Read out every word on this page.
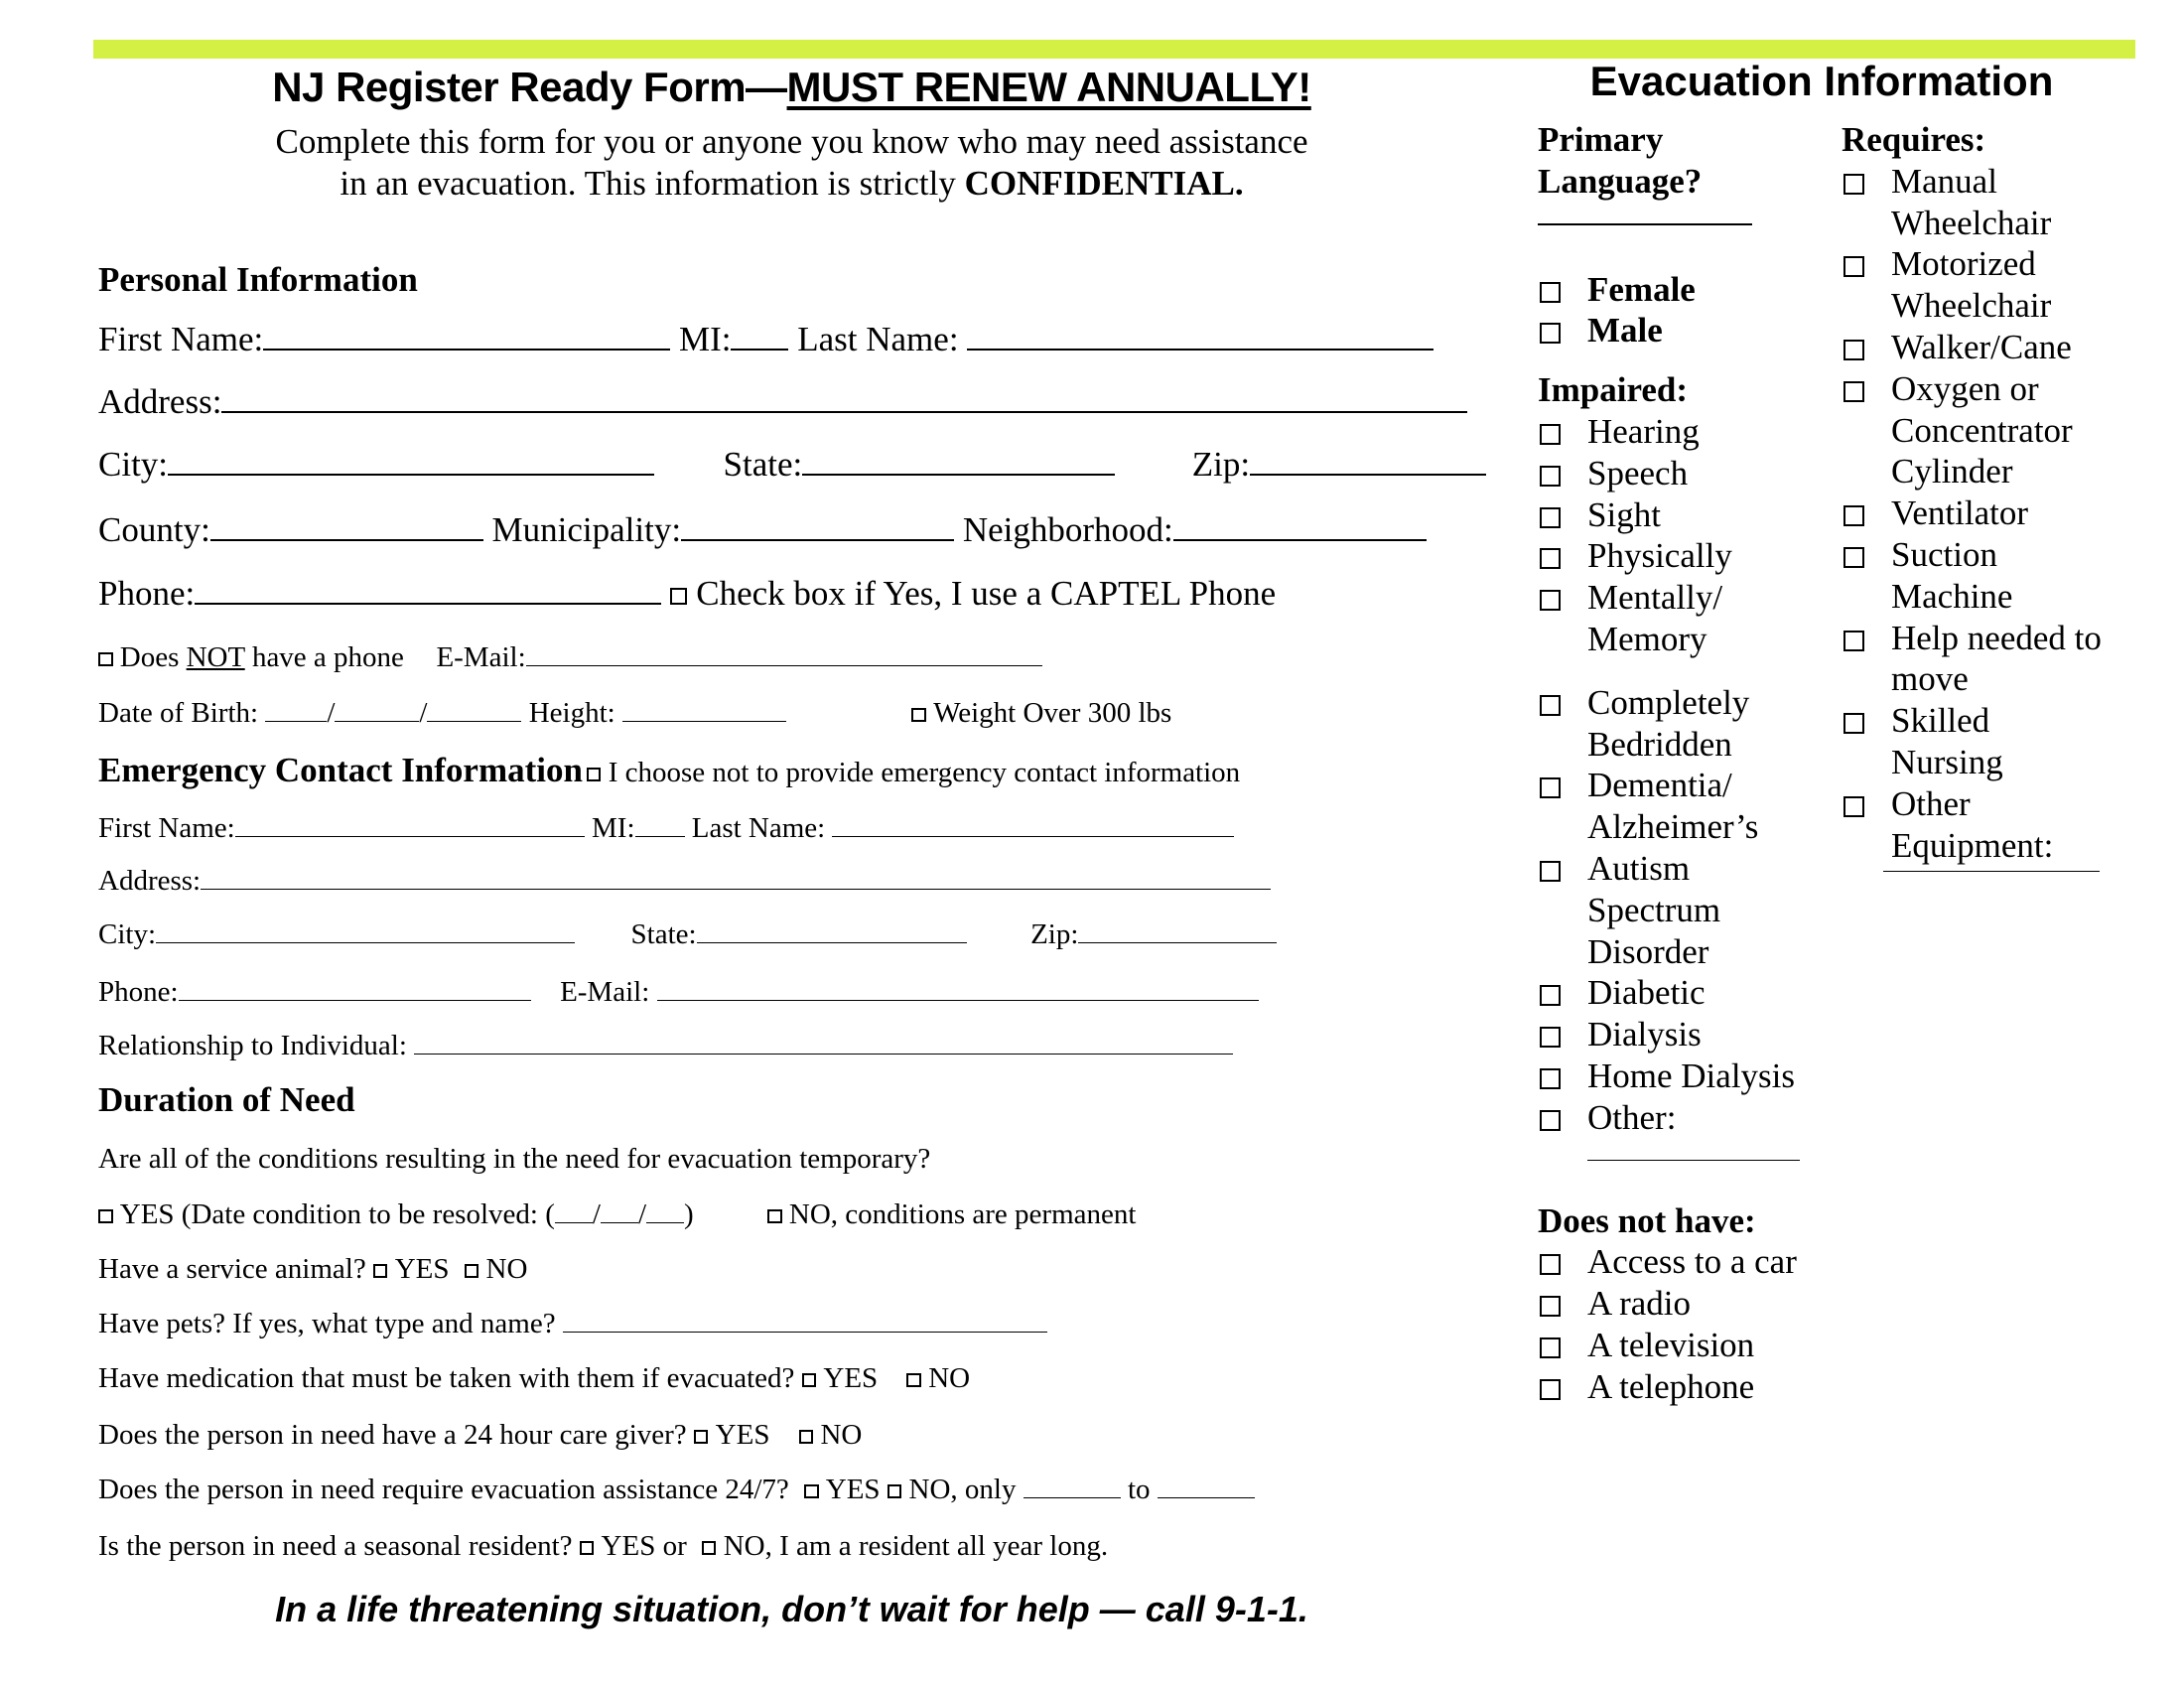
NJ Register Ready Form—MUST RENEW ANNUALLY!
Complete this form for you or anyone you know who may need assistance
in an evacuation. This information is strictly CONFIDENTIAL.
Personal Information
First Name:	MI: Last Name:
Address:
City:	State:	Zip:
County:	Municipality:	Neighborhood:
Phone:	Check box if Yes, I use a CAPTEL Phone
Does NOT have a phone E-Mail:
Date of Birth: /	/	Height:	Weight Over 300 lbs
Emergency Contact Information I choose not to provide emergency contact information
First Name:	MI: Last Name:
Address:
City:	State:	Zip:
Phone:	E-Mail:
Relationship to Individual:
Duration of Need
Are all of the conditions resulting in the need for evacuation temporary?
YES (Date condition to be resolved: ( / / )	NO, conditions are permanent
Have a service animal? YES NO
Have pets? If yes, what type and name?
Have medication that must be taken with them if evacuated? YES NO
Does the person in need have a 24 hour care giver? YES NO
Does the person in need require evacuation assistance 24/7? YES NO, only	to
Is the person in need a seasonal resident? YES or NO, I am a resident all year long.
In a life threatening situation, don’t wait for help — call 9-1-1.
Evacuation Information
Primary
Language?
Female
Male
Impaired:
Hearing
Speech
Sight
Physically
Mentally/
Memory
Completely
Bedridden
Dementia/
Alzheimer’s
Autism
Spectrum
Disorder
Diabetic
Dialysis
Home Dialysis
Other:
Does not have:
Access to a car
A radio
A television
A telephone
Requires:
Manual
Wheelchair
Motorized
Wheelchair
Walker/Cane
Oxygen or
Concentrator
Cylinder
Ventilator
Suction
Machine
Help needed to
move
Skilled
Nursing
Other
Equipment:
